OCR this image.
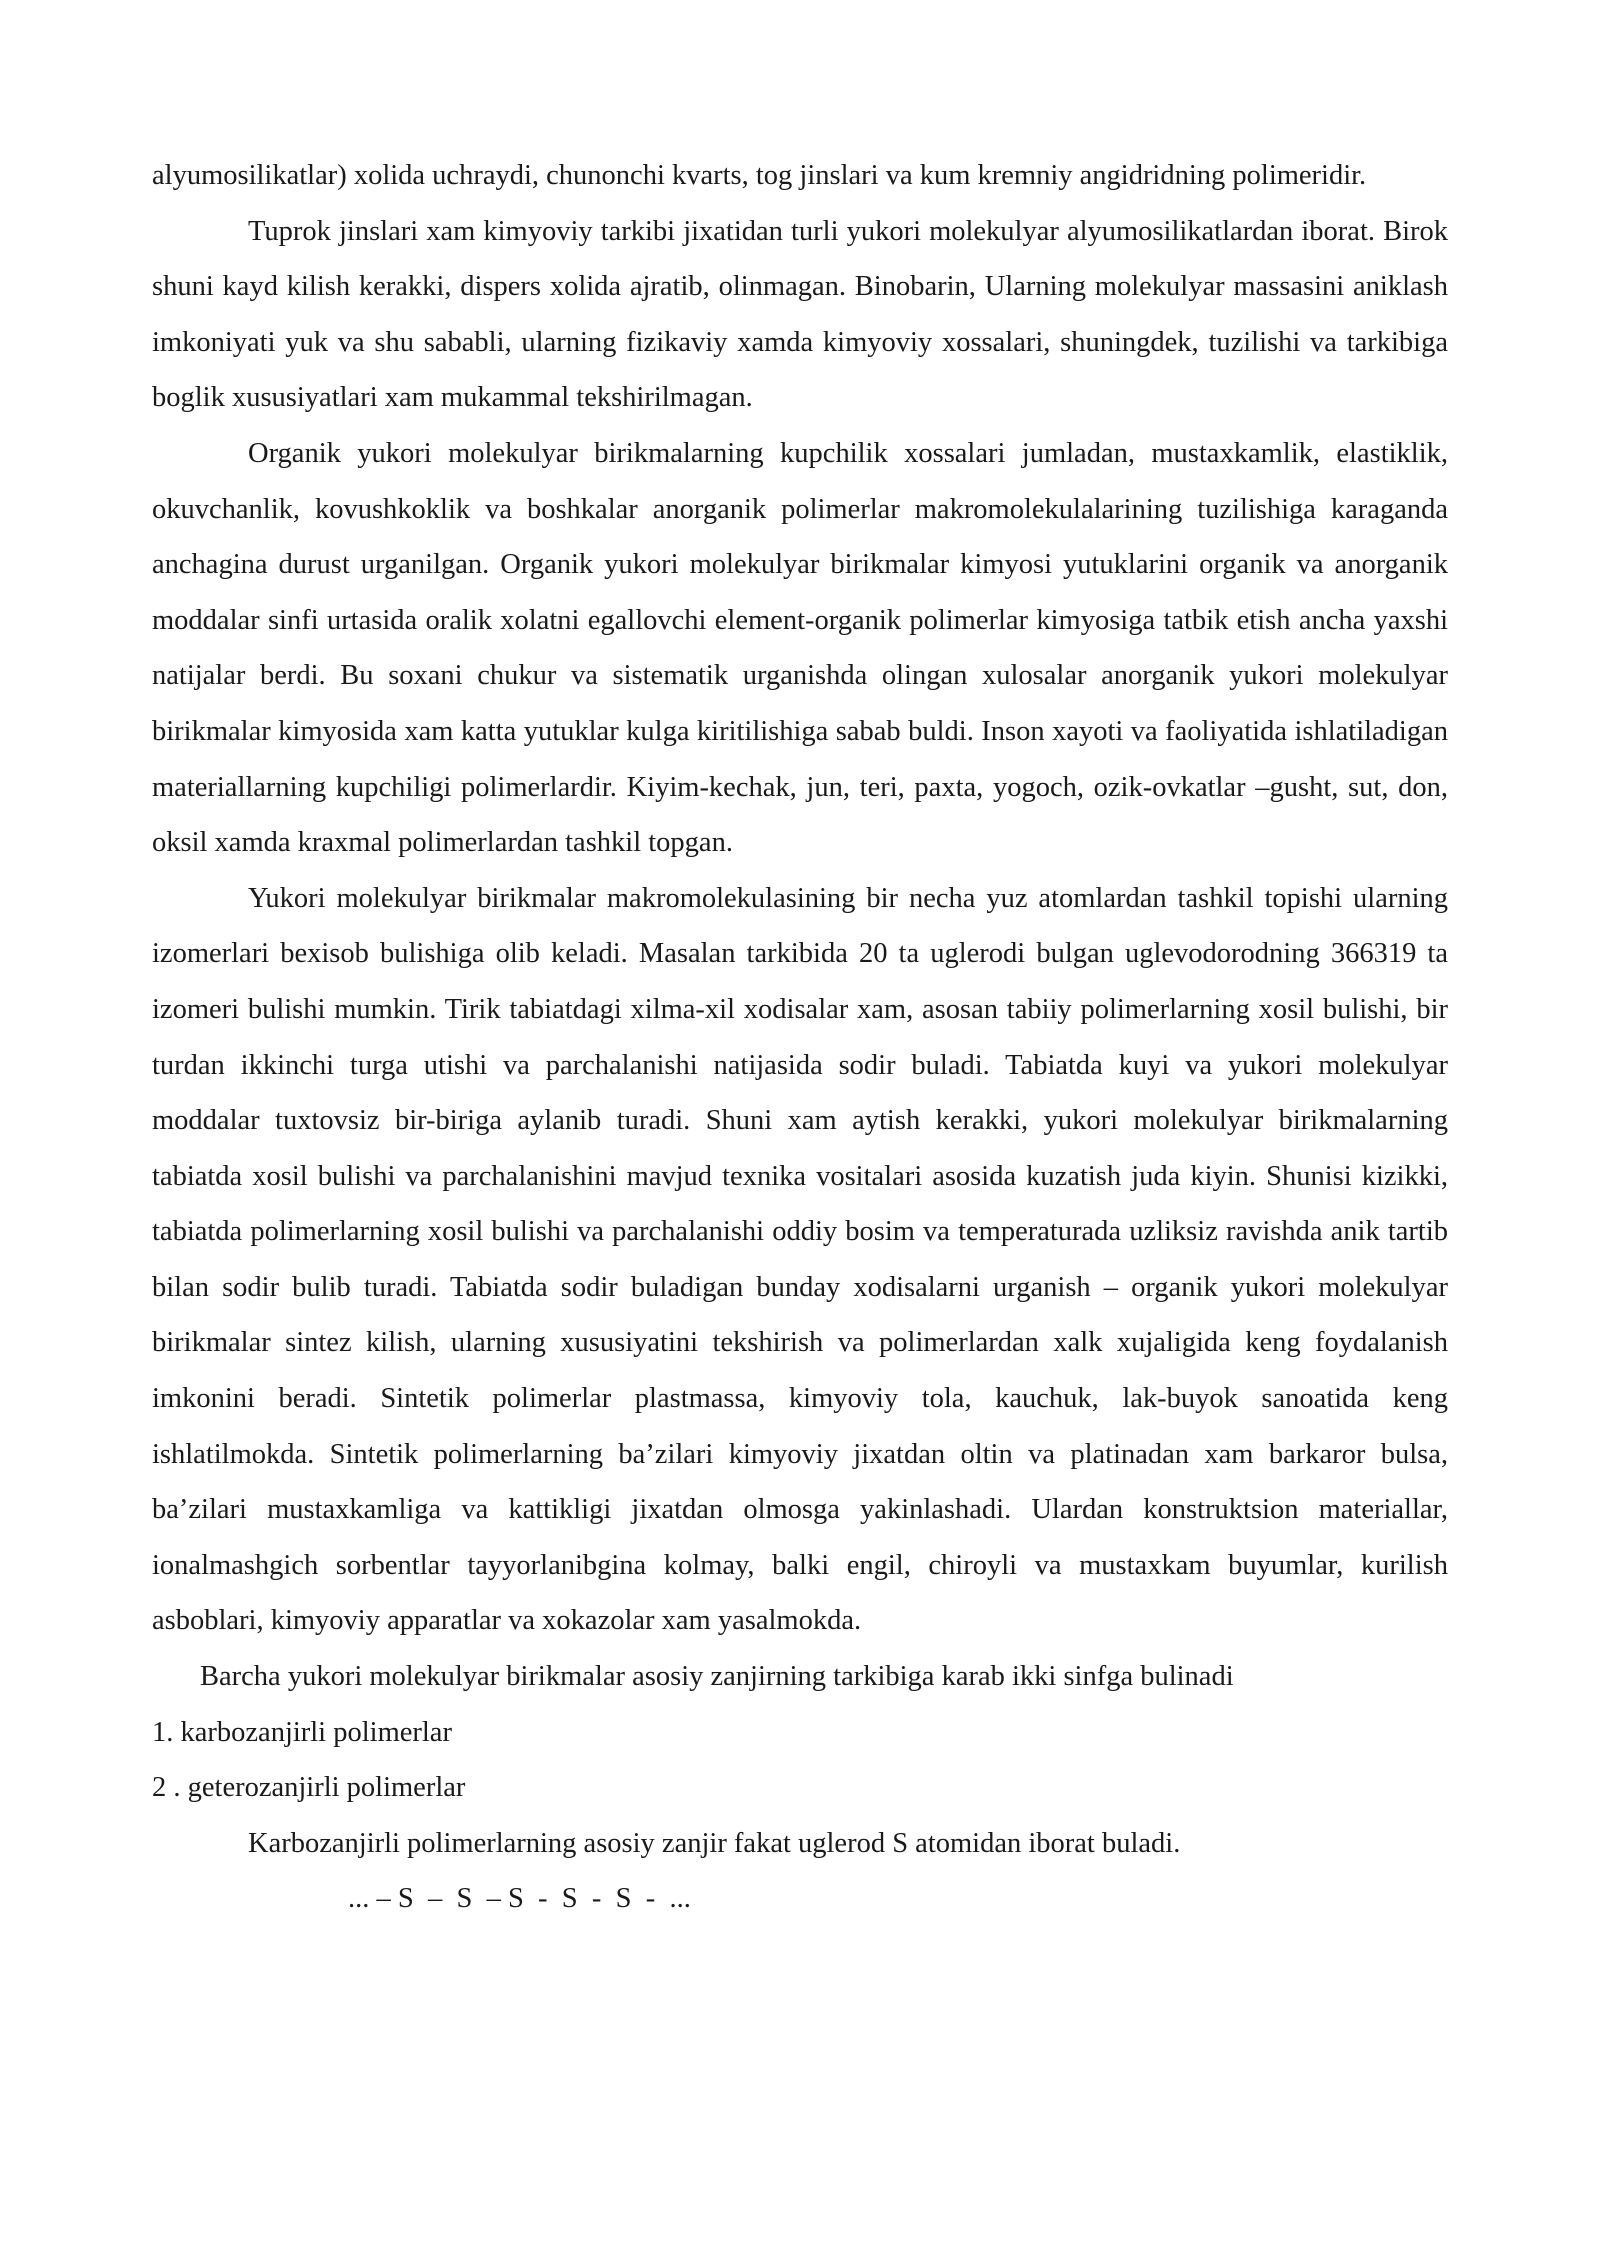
alyumosilikatlar) xolida uchraydi, chunonchi kvarts, tog jinslari va kum kremniy angidridning polimeridir.

Tuprok jinslari xam kimyoviy tarkibi jixatidan turli yukori molekulyar alyumosilikatlardan iborat. Birok shuni kayd kilish kerakki, dispers xolida ajratib, olinmagan. Binobarin, Ularning molekulyar massasini aniklash imkoniyati yuk va shu sababli, ularning fizikaviy xamda kimyoviy xossalari, shuningdek, tuzilishi va tarkibiga boglik xususiyatlari xam mukammal tekshirilmagan.

Organik yukori molekulyar birikmalarning kupchilik xossalari jumladan, mustaxkamlik, elastiklik, okuvchanlik, kovushkoklik va boshkalar anorganik polimerlar makromolekulalarining tuzilishiga karaganda anchagina durust urganilgan. Organik yukori molekulyar birikmalar kimyosi yutuklarini organik va anorganik moddalar sinfi urtasida oralik xolatni egallovchi element-organik polimerlar kimyosiga tatbik etish ancha yaxshi natijalar berdi. Bu soxani chukur va sistematik urganishda olingan xulosalar anorganik yukori molekulyar birikmalar kimyosida xam katta yutuklar kulga kiritilishiga sabab buldi. Inson xayoti va faoliyatida ishlatiladigan materiallarning kupchiligi polimerlardir. Kiyim-kechak, jun, teri, paxta, yogoch, ozik-ovkatlar –gusht, sut, don, oksil xamda kraxmal polimerlardan tashkil topgan.

Yukori molekulyar birikmalar makromolekulasining bir necha yuz atomlardan tashkil topishi ularning izomerlari bexisob bulishiga olib keladi. Masalan tarkibida 20 ta uglerodi bulgan uglevodorodning 366319 ta izomeri bulishi mumkin. Tirik tabiatdagi xilma-xil xodisalar xam, asosan tabiiy polimerlarning xosil bulishi, bir turdan ikkinchi turga utishi va parchalanishi natijasida sodir buladi. Tabiatda kuyi va yukori molekulyar moddalar tuxtovsiz bir-biriga aylanib turadi. Shuni xam aytish kerakki, yukori molekulyar birikmalarning tabiatda xosil bulishi va parchalanishini mavjud texnika vositalari asosida kuzatish juda kiyin. Shunisi kizikki, tabiatda polimerlarning xosil bulishi va parchalanishi oddiy bosim va temperaturada uzliksiz ravishda anik tartib bilan sodir bulib turadi. Tabiatda sodir buladigan bunday xodisalarni urganish – organik yukori molekulyar birikmalar sintez kilish, ularning xususiyatini tekshirish va polimerlardan xalk xujaligida keng foydalanish imkonini beradi. Sintetik polimerlar plastmassa, kimyoviy tola, kauchuk, lak-buyok sanoatida keng ishlatilmokda. Sintetik polimerlarning ba’zilari kimyoviy jixatdan oltin va platinadan xam barkaror bulsa, ba’zilari mustaxkamliga va kattikligi jixatdan olmosga yakinlashadi. Ulardan konstruktsion materiallar, ionalmashgich sorbentlar tayyorlanibgina kolmay, balki engil, chiroyli va mustaxkam buyumlar, kurilish asboblari, kimyoviy apparatlar va xokazolar xam yasalmokda.

Barcha yukori molekulyar birikmalar asosiy zanjirning tarkibiga karab ikki sinfga bulinadi

1. karbozanjirli polimerlar

2 . geterozanjirli polimerlar

Karbozanjirli polimerlarning asosiy zanjir fakat uglerod S atomidan iborat buladi.

... – S  –  S  – S  -  S  -  S  -  ...
